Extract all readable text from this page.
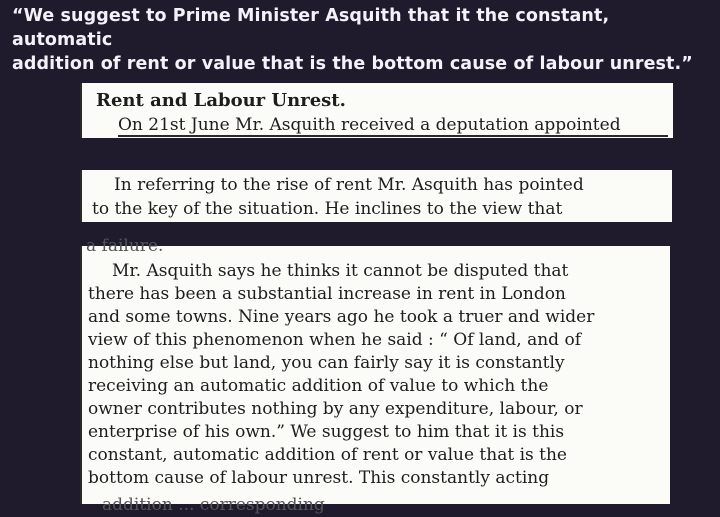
“We suggest to Prime Minister Asquith that it the constant, automatic
addition of rent or value that is the bottom cause of labour unrest.”
Rent and Labour Unrest.
On 21st June Mr. Asquith received a deputation appointed
In referring to the rise of rent Mr. Asquith has pointed
to the key of the situation. He inclines to the view that
a failure.
Mr. Asquith says he thinks it cannot be disputed that
there has been a substantial increase in rent in London
and some towns. Nine years ago he took a truer and wider
view of this phenomenon when he said : “ Of land, and of
nothing else but land, you can fairly say it is constantly
receiving an automatic addition of value to which the
owner contributes nothing by any expenditure, labour, or
enterprise of his own.” We suggest to him that it is this
constant, automatic addition of rent or value that is the
bottom cause of labour unrest. This constantly acting
addition ... corresponding
